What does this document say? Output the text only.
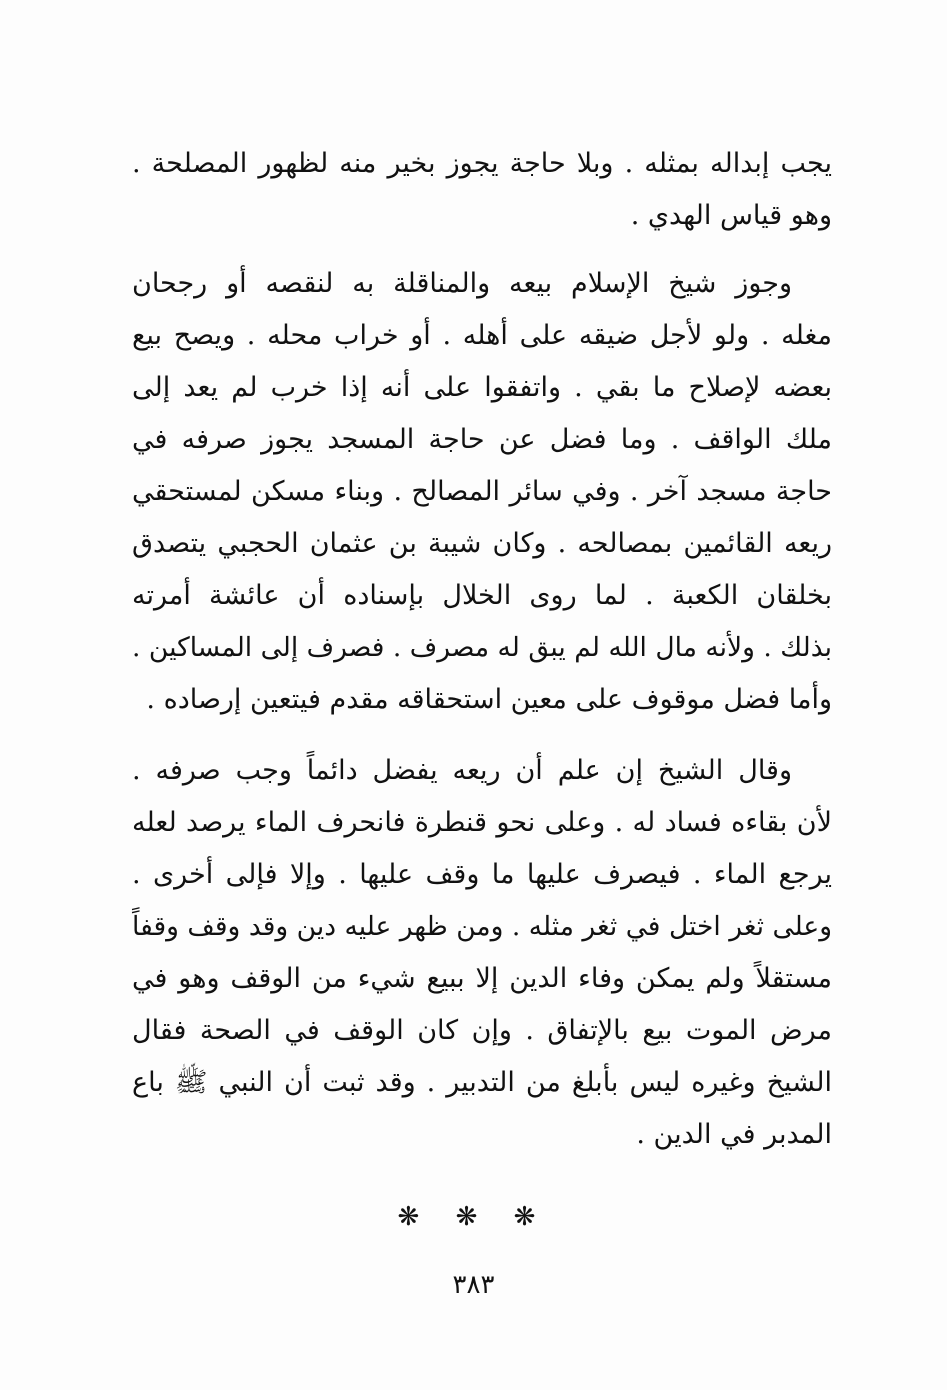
يجب إبداله بمثله . وبلا حاجة يجوز بخير منه لظهور المصلحة .
وهو قياس الهدي .
وجوز شيخ الإسلام بيعه والمناقلة به لنقصه أو رجحان
مغله . ولو لأجل ضيقه على أهله . أو خراب محله . ويصح بيع
بعضه لإصلاح ما بقي . واتفقوا على أنه إذا خرب لم يعد إلى
ملك الواقف . وما فضل عن حاجة المسجد يجوز صرفه في
حاجة مسجد آخر . وفي سائر المصالح . وبناء مسكن لمستحقي
ريعه القائمين بمصالحه . وكان شيبة بن عثمان الحجبي يتصدق
بخلقان الكعبة . لما روى الخلال بإسناده أن عائشة أمرته
بذلك . ولأنه مال الله لم يبق له مصرف . فصرف إلى المساكين .
وأما فضل موقوف على معين استحقاقه مقدم فيتعين إرصاده .
وقال الشيخ إن علم أن ريعه يفضل دائماً وجب صرفه .
لأن بقاءه فساد له . وعلى نحو قنطرة فانحرف الماء يرصد لعله
يرجع الماء . فيصرف عليها ما وقف عليها . وإلا فإلى أخرى .
وعلى ثغر اختل في ثغر مثله . ومن ظهر عليه دين وقد وقف وقفاً
مستقلاً ولم يمكن وفاء الدين إلا ببيع شيء من الوقف وهو في
مرض الموت بيع بالإتفاق . وإن كان الوقف في الصحة فقال
الشيخ وغيره ليس بأبلغ من التدبير . وقد ثبت أن النبي ﷺ باع
المدبر في الدين .
❋ ❋ ❋
٣٨٣
